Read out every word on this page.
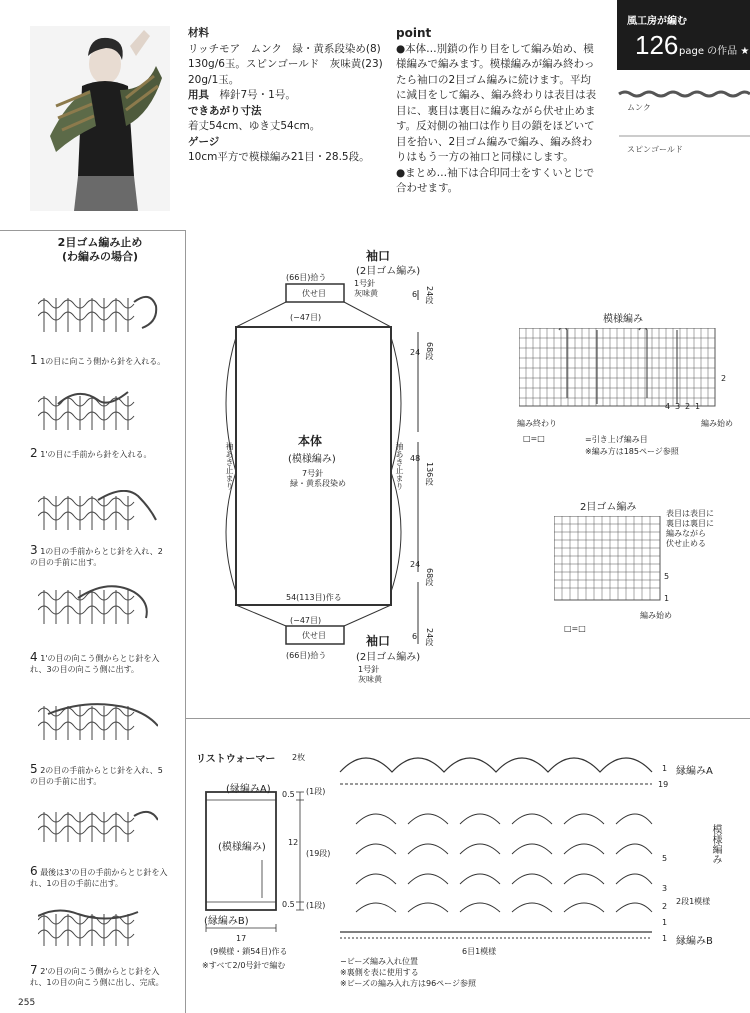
材料
リッチモア　ムンク　緑・黄系段染め(8)
130g/6玉。スピンゴールド　灰味黄(23)
20g/1玉。
用具　 棒針7号・1号。
できあがり寸法
着丈54cm、ゆき丈54cm。
ゲージ
10cm平方で模様編み21目・28.5段。
point
●本体…別鎖の作り目をして編み始め、模
様編みで編みます。模様編みが編み終わっ
たら袖口の2目ゴム編みに続けます。平均
に減目をして編み、編み終わりは表目は表
目に、裏目は裏目に編みながら伏せ止めま
す。反対側の袖口は作り目の鎖をほどいて
目を拾い、2目ゴム編みで編み、編み終わ
りはもう一方の袖口と同様にします。
●まとめ…袖下は合印同士をすくいとじで
合わせます。
風工房が編む
126 page の作品 ★
ムンク
スピンゴールド
2目ゴム編み止め
(わ編みの場合)
1 1の目に向こう側から針を入れる。
2 1'の目に手前から針を入れる。
3 1の目の手前からとじ針を入れ、2の目の手前に出す。
4 1'の目の向こう側からとじ針を入れ、3の目の向こう側に出す。
5 2の目の手前からとじ針を入れ、5の目の手前に出す。
6 最後は3'の目の手前からとじ針を入れ、1の目の手前に出す。
7 2'の目の向こう側からとじ針を入れ、1の目の向こう側に出し、完成。
袖口
(2目ゴム編み)
1号針
灰味黄
(66目)拾う
伏せ目
(−47目)
本体
(模様編み)
7号針
緑・黄系段染め
袖あき止まり	袖あき止まり
54(113目)作る
(−47目)
伏せ目
(66目)拾う
袖口
(2目ゴム編み)
1号針
灰味黄
6 24段
24 68段
48
136段
24
68段
6 24段
模様編み
4 3 2 1
2
編み終わり	編み始め
□=□	=引き上げ編み目
※編み方は185ページ参照
2目ゴム編み
表目は表目に
裏目は裏目に
編みながら
伏せ止める
5
1
編み始め
□=□
リストウォーマー 2枚
(縁編みA)
(模様編み)
(縁編みB)
0.5 (1段)
12
(19段)
0.5 (1段)
17
(9模様・鎖54目)作る
※すべて2/0号針で編む
縁編みA
模様編み
縁編みB
2段1模様
6目1模様
1
19
5
3
2
1
1
−ビーズ編み入れ位置
※裏側を表に使用する
※ビーズの編み入れ方は96ページ参照
255
